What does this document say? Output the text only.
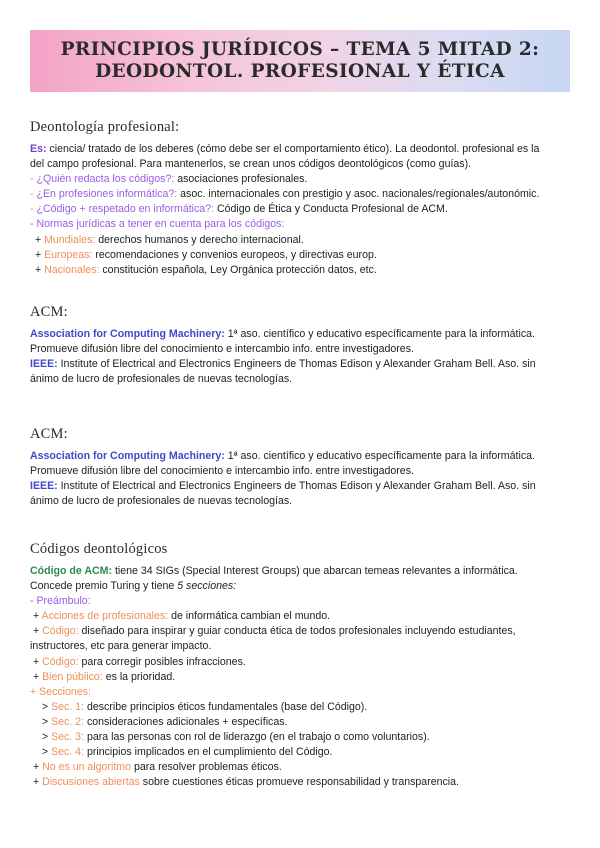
PRINCIPIOS JURÍDICOS – TEMA 5 MITAD 2:
DEODONTOL. PROFESIONAL Y ÉTICA
Deontología profesional:
Es: ciencia/ tratado de los deberes (cómo debe ser el comportamiento ético). La deodontol. profesional es la
del campo profesional. Para mantenerlos, se crean unos códigos deontológicos (como guías).
- ¿Quién redacta los códigos?: asociaciones profesionales.
- ¿En profesiones informática?: asoc. internacionales con prestigio y asoc. nacionales/regionales/autonómic.
- ¿Código + respetado en informática?: Código de Ética y Conducta Profesional de ACM.
- Normas jurídicas a tener en cuenta para los códigos:
+ Mundiales: derechos humanos y derecho internacional.
+ Europeas: recomendaciones y convenios europeos, y directivas europ.
+ Nacionales: constitución española, Ley Orgánica protección datos, etc.
ACM:
Association for Computing Machinery: 1ª aso. científico y educativo específicamente para la informática.
Promueve difusión libre del conocimiento e intercambio info. entre investigadores.
IEEE: Institute of Electrical and Electronics Engineers de Thomas Edison y Alexander Graham Bell. Aso. sin
ánimo de lucro de profesionales de nuevas tecnologías.
ACM:
Association for Computing Machinery: 1ª aso. científico y educativo específicamente para la informática.
Promueve difusión libre del conocimiento e intercambio info. entre investigadores.
IEEE: Institute of Electrical and Electronics Engineers de Thomas Edison y Alexander Graham Bell. Aso. sin
ánimo de lucro de profesionales de nuevas tecnologías.
Códigos deontológicos
Código de ACM: tiene 34 SIGs (Special Interest Groups) que abarcan temeas relevantes a informática.
Concede premio Turing y tiene 5 secciones:
- Preámbulo:
+ Acciones de profesionales: de informática cambian el mundo.
+ Código: diseñado para inspirar y guiar conducta ética de todos profesionales incluyendo estudiantes,
instructores, etc para generar impacto.
+ Código: para corregir posibles infracciones.
+ Bien público: es la prioridad.
+ Secciones:
> Sec. 1: describe principios éticos fundamentales (base del Código).
> Sec. 2: consideraciones adicionales + específicas.
> Sec. 3: para las personas con rol de liderazgo (en el trabajo o como voluntarios).
> Sec. 4: principios implicados en el cumplimiento del Código.
+ No es un algoritmo para resolver problemas éticos.
+ Discusiones abiertas sobre cuestiones éticas promueve responsabilidad y transparencia.
